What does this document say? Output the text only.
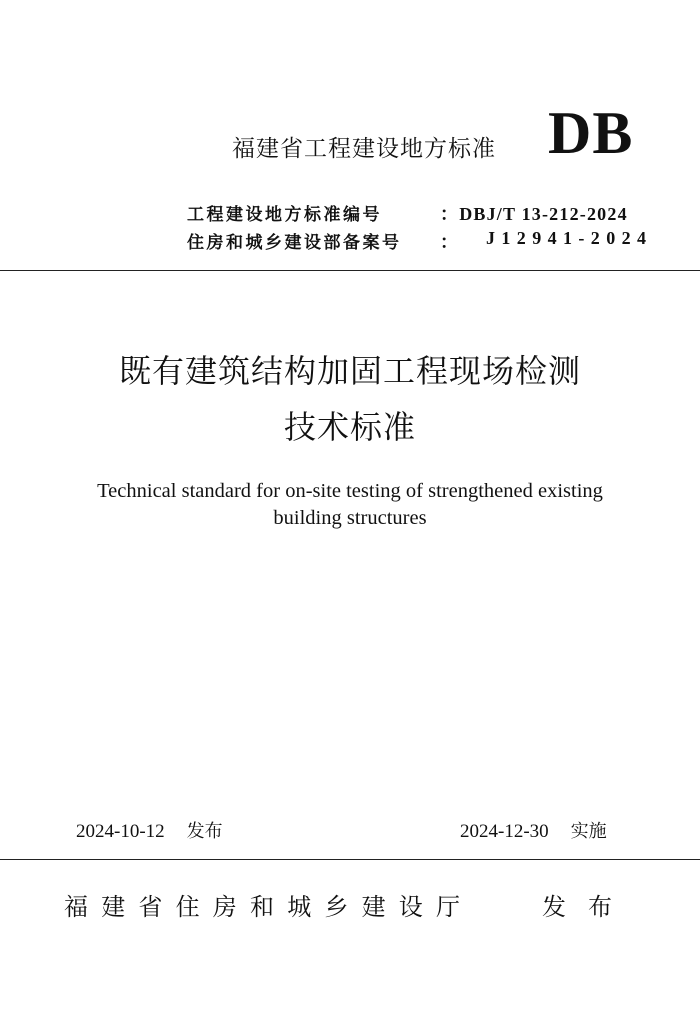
福建省工程建设地方标准 DB
工程建设地方标准编号	：DBJ/T 13-212-2024
住房和城乡建设部备案号 ： J12941-2024
既有建筑结构加固工程现场检测
技术标准
Technical standard for on-site testing of strengthened existing
building structures
2024-10-12 发布	2024-12-30 实施
福建省住房和城乡建设厅	发布
